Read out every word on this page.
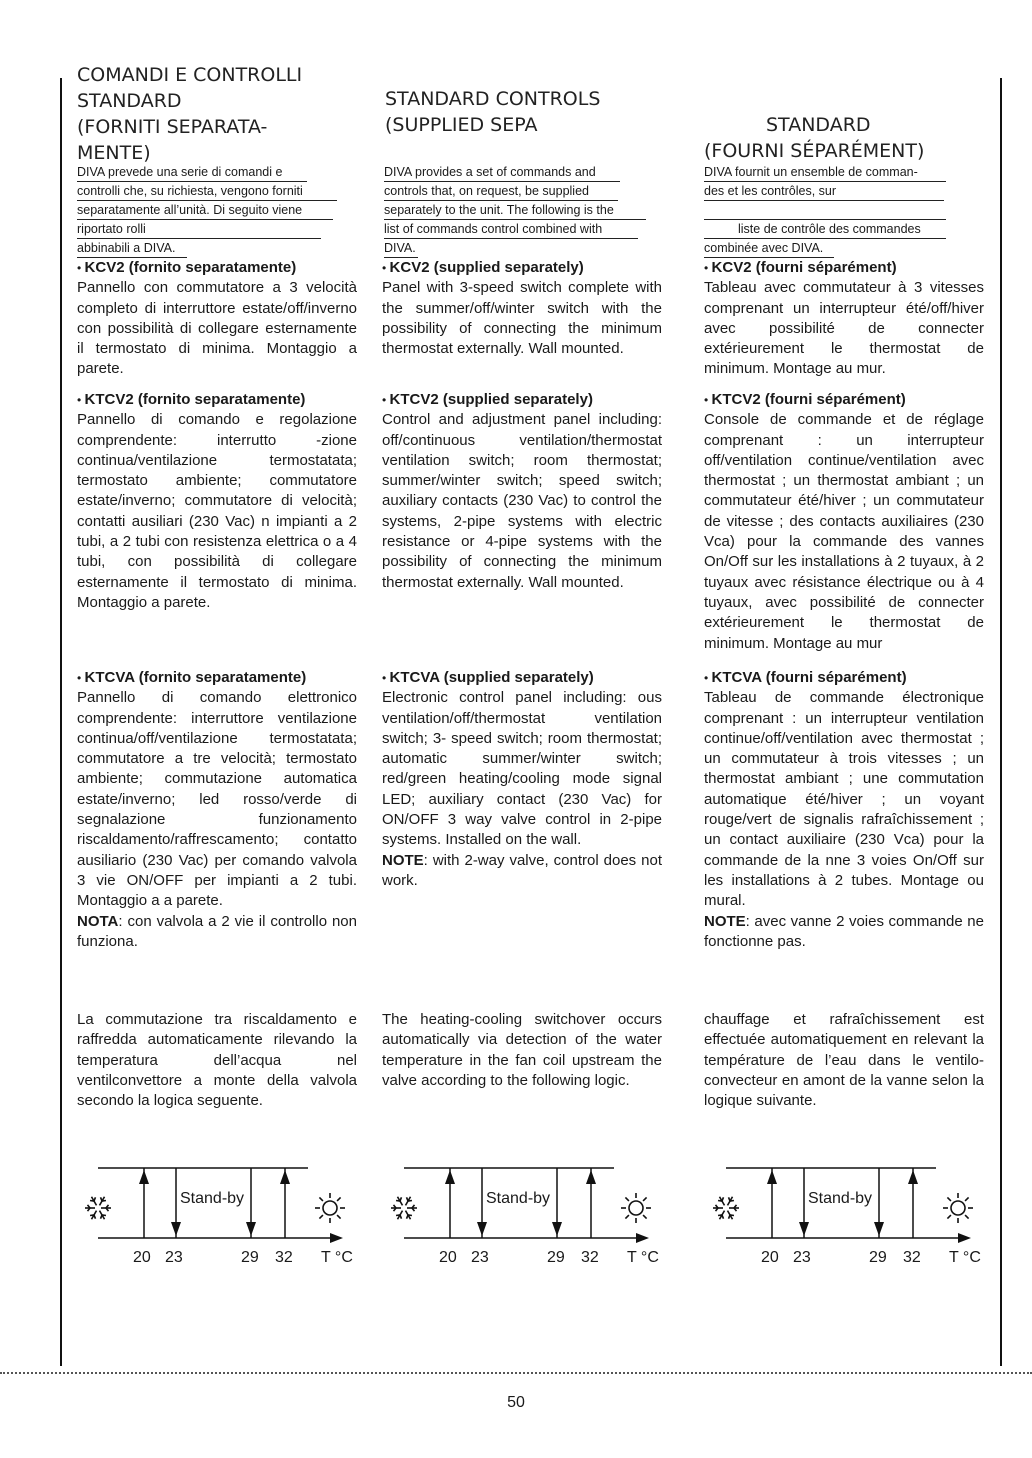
COMANDI E CONTROLLI
STANDARD
(FORNITI SEPARATA-
MENTE)
DIVA prevede una serie di comandi e
controlli che, su richiesta, vengono forniti
separatamente all’unità. Di seguito viene
riportato rolli
abbinabili a DIVA.
• KCV2 (fornito separatamente)
Pannello con commutatore a 3 velocità completo di interruttore estate/off/inverno con possibilità di collegare esternamente il termostato di minima. Montaggio a parete.
• KTCV2 (fornito separatamente)
Pannello di comando e regolazione comprendente: interrutto -zione continua/ventilazione termostatata; termostato ambiente; commutatore estate/inverno; commutatore di velocità; contatti ausiliari (230 Vac) n impianti a 2 tubi, a 2 tubi con resistenza elettrica o a 4 tubi, con possibilità di collegare esternamente il termostato di minima. Montaggio a parete.
• KTCVA (fornito separatamente)
Pannello di comando elettronico comprendente: interruttore ventilazione continua/off/ventilazione termostatata; commutatore a tre velocità; termostato ambiente; commutazione automatica estate/inverno; led rosso/verde di segnalazione funzionamento riscaldamento/raffrescamento; contatto ausiliario (230 Vac) per comando valvola 3 vie ON/OFF per impianti a 2 tubi. Montaggio a a parete.
NOTA: con valvola a 2 vie il controllo non funziona.
La commutazione tra riscaldamento e raffredda automaticamente rilevando la temperatura dell’acqua nel ventilconvettore a monte della valvola secondo la logica seguente.
STANDARD CONTROLS
(SUPPLIED SEPA
DIVA provides a set of commands and
controls that, on request, be supplied
separately to the unit. The following is the
list of commands control combined with
DIVA.
• KCV2 (supplied separately)
Panel with 3-speed switch complete with the summer/off/winter switch with the possibility of connecting the minimum thermostat externally. Wall mounted.
• KTCV2 (supplied separately)
Control and adjustment panel including: off/continuous ventilation/thermostat ventilation switch; room thermostat; summer/winter switch; speed switch; auxiliary contacts (230 Vac) to control the systems, 2-pipe systems with electric resistance or 4-pipe systems with the possibility of connecting the minimum thermostat externally. Wall mounted.
• KTCVA (supplied separately)
Electronic control panel including: ous ventilation/off/thermostat ventilation switch; 3- speed switch; room thermostat; automatic summer/winter switch; red/green heating/cooling mode signal LED; auxiliary contact (230 Vac) for ON/OFF 3 way valve control in 2-pipe systems. Installed on the wall.
NOTE: with 2-way valve, control does not work.
The heating-cooling switchover occurs automatically via detection of the water temperature in the fan coil upstream the valve according to the following logic.
STANDARD
(FOURNI SÉPARÉMENT)
DIVA fournit un ensemble de comman-
des et les contrôles, sur
liste de contrôle des commandes
combinée avec DIVA.
• KCV2 (fourni séparément)
Tableau avec commutateur à 3 vitesses comprenant un interrupteur été/off/hiver avec possibilité de connecter extérieurement le thermostat de minimum. Montage au mur.
• KTCV2 (fourni séparément)
Console de commande et de réglage comprenant : un interrupteur off/ventilation continue/ventilation avec thermostat ; un thermostat ambiant ; un commutateur été/hiver ; un commutateur de vitesse ; des contacts auxiliaires (230 Vca) pour la commande des vannes On/Off sur les installations à 2 tuyaux, à 2 tuyaux avec résistance électrique ou à 4 tuyaux, avec possibilité de connecter extérieurement le thermostat de minimum. Montage au mur
• KTCVA (fourni séparément)
Tableau de commande électronique comprenant : un interrupteur ventilation continue/off/ventilation avec thermostat ; un commutateur à trois vitesses ; un thermostat ambiant ; une commutation automatique été/hiver ; un voyant rouge/vert de signalis rafraîchissement ; un contact auxiliaire (230 Vca) pour la commande de la nne 3 voies On/Off sur les installations à 2 tubes. Montage ou mural.
NOTE: avec vanne 2 voies commande ne fonctionne pas.
chauffage et rafraîchissement est effectuée automatiquement en relevant la température de l’eau dans le ventilo- convecteur en amont de la vanne selon la logique suivante.
Stand-by
20 23	29 32 T °C
Stand-by
20 23	29 32 T °C
Stand-by
20 23	29 32 T °C
50
